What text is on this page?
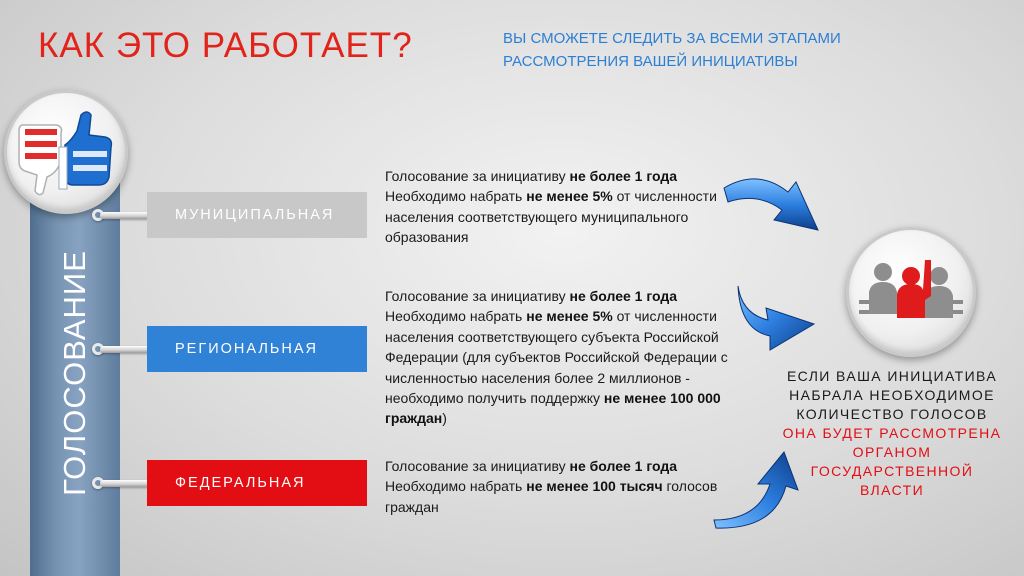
КАК ЭТО РАБОТАЕТ?	ВЫ СМОЖЕТЕ СЛЕДИТЬ ЗА ВСЕМИ ЭТАПАМИ
РАССМОТРЕНИЯ ВАШЕЙ ИНИЦИАТИВЫ
ГОЛОСОВАНИЕ
МУНИЦИПАЛЬНАЯ
РЕГИОНАЛЬНАЯ
ФЕДЕРАЛЬНАЯ
Голосование за инициативу не более 1 года
Необходимо набрать не менее 5% от численности населения соответствующего муниципального образования
Голосование за инициативу не более 1 года
Необходимо набрать не менее 5% от численности населения соответствующего субъекта Российской Федерации (для субъектов Российской Федерации с численностью населения более 2 миллионов - необходимо получить поддержку не менее 100 000 граждан)
Голосование за инициативу не более 1 года
Необходимо набрать не менее 100 тысяч голосов граждан
ЕСЛИ ВАША ИНИЦИАТИВА
НАБРАЛА НЕОБХОДИМОЕ
КОЛИЧЕСТВО ГОЛОСОВ
ОНА БУДЕТ РАССМОТРЕНА
ОРГАНОМ
ГОСУДАРСТВЕННОЙ
ВЛАСТИ
